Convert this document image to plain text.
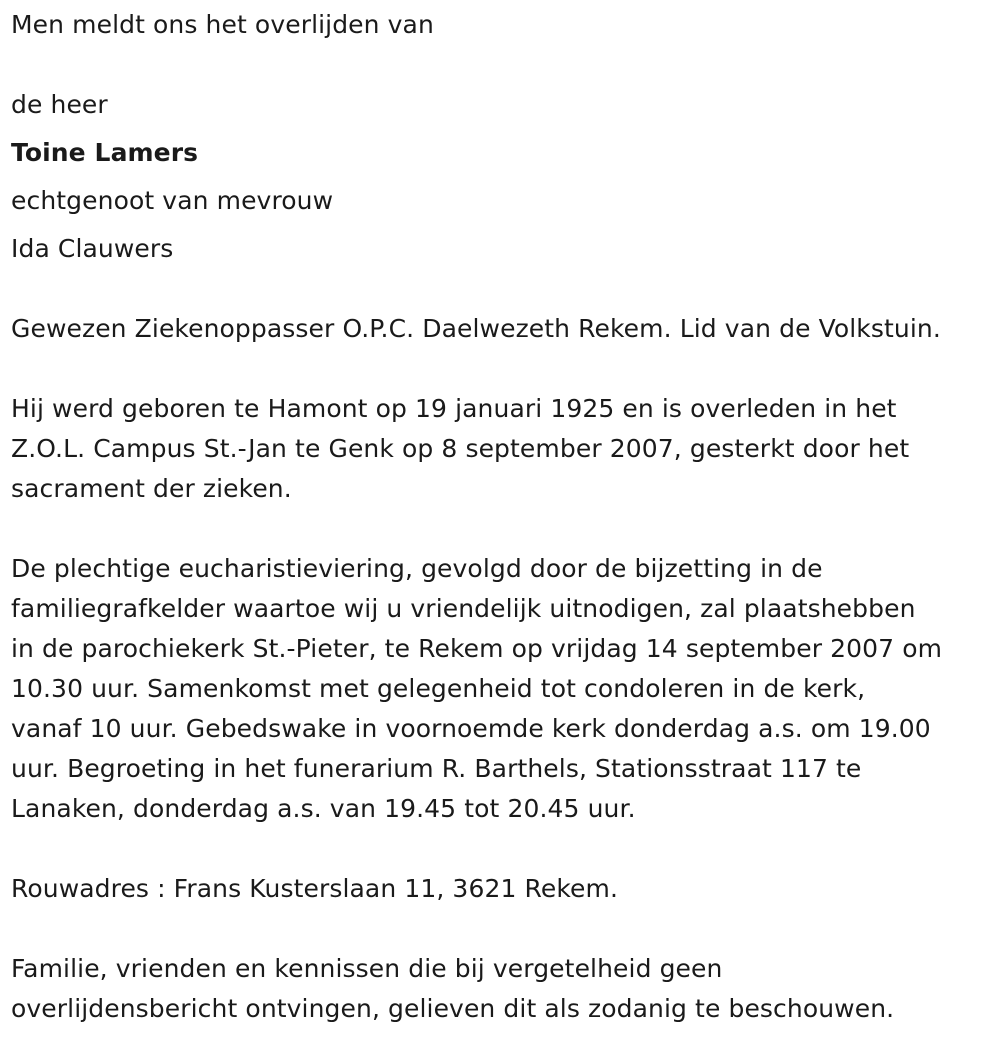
Men meldt ons het overlijden van

de heer

Toine Lamers

echtgenoot van mevrouw

Ida Clauwers

Gewezen Ziekenoppasser O.P.C. Daelwezeth Rekem. Lid van de Volkstuin.

Hij werd geboren te Hamont op 19 januari 1925 en is overleden in het

Z.O.L. Campus St.-Jan te Genk op 8 september 2007, gesterkt door het

sacrament der zieken.

De plechtige eucharistieviering, gevolgd door de bijzetting in de

familiegrafkelder waartoe wij u vriendelijk uitnodigen, zal plaatshebben

in de parochiekerk St.-Pieter, te Rekem op vrijdag 14 september 2007 om

10.30 uur. Samenkomst met gelegenheid tot condoleren in de kerk,

vanaf 10 uur. Gebedswake in voornoemde kerk donderdag a.s. om 19.00

uur. Begroeting in het funerarium R. Barthels, Stationsstraat 117 te

Lanaken, donderdag a.s. van 19.45 tot 20.45 uur.

Rouwadres : Frans Kusterslaan 11, 3621 Rekem.

Familie, vrienden en kennissen die bij vergetelheid geen

overlijdensbericht ontvingen, gelieven dit als zodanig te beschouwen.
